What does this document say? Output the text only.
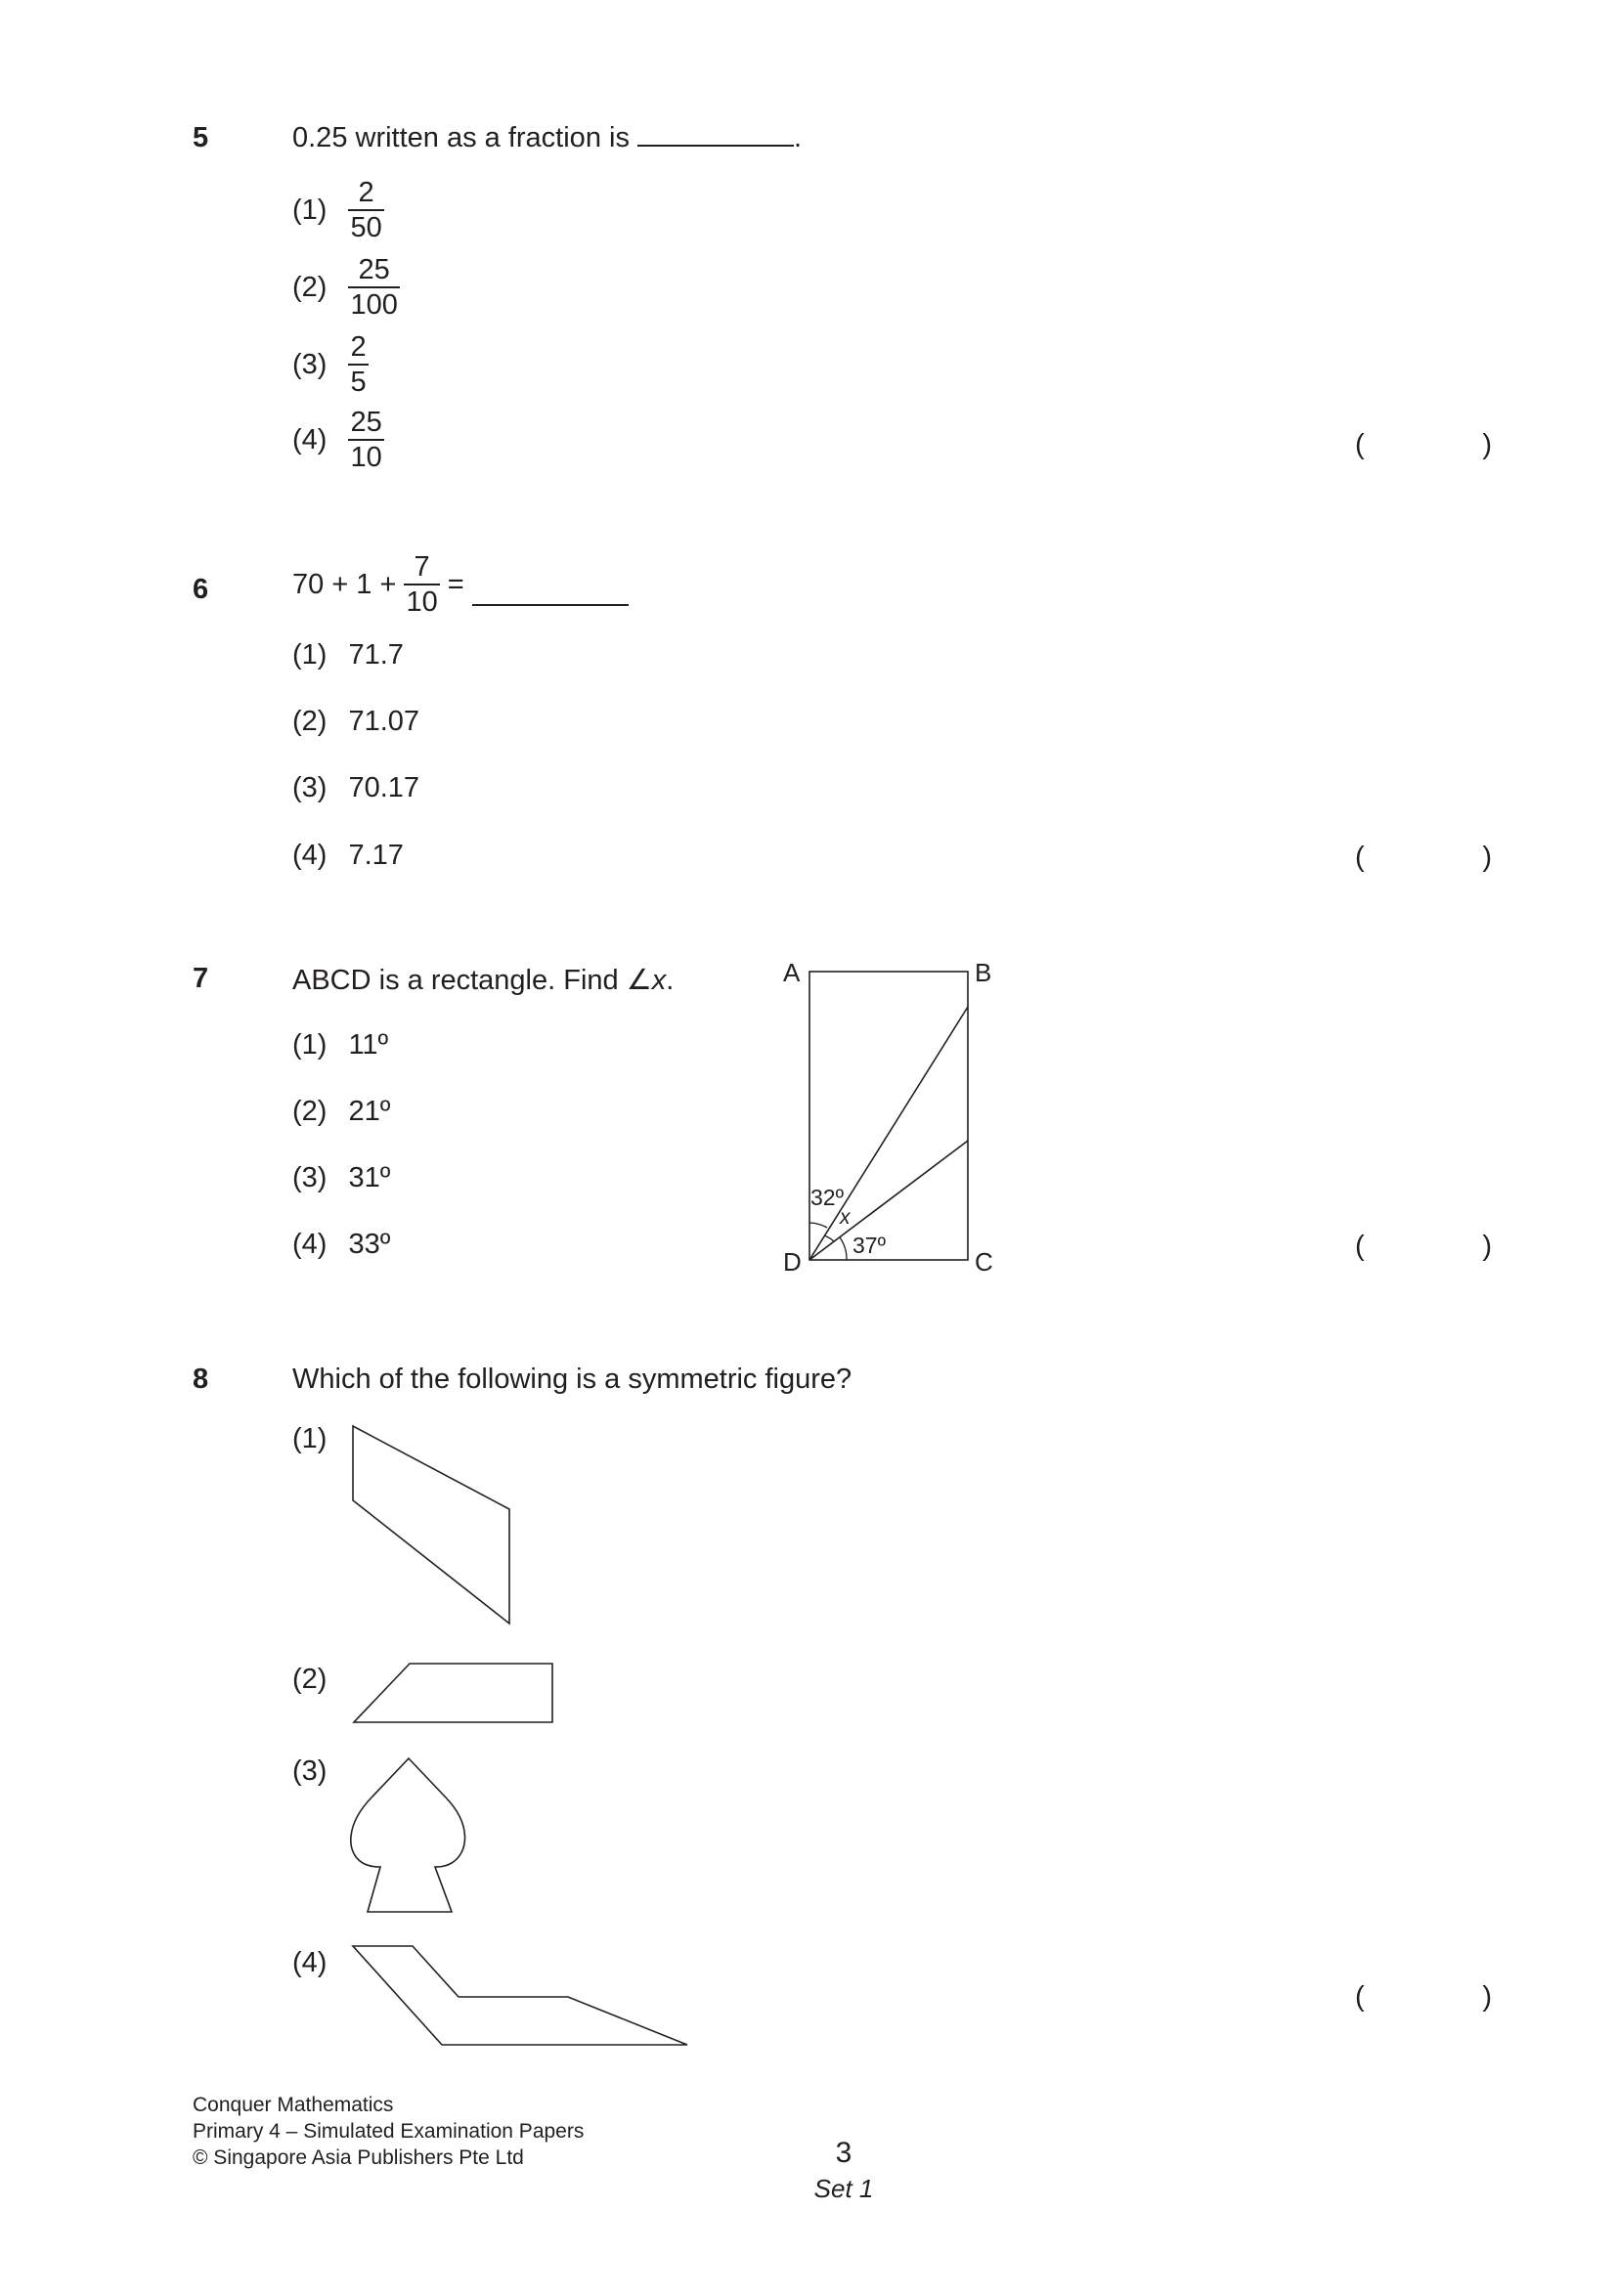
5	0.25 written as a fraction is	.
$(1) \frac{2}{50}$
$(2) \frac{25}{100}$
$(3) \frac{2}{5}$
$(4) \frac{25}{10}$	(	)
6	$70 + 1 + \frac{7}{10}$ =
(1) 71.7
(2) 71.07
(3) 70.17
(4) 7.17	(	)
7	ABCD is a rectangle. Find ∠x.
(1) 11º
(2) 21º
(3) 31º
(4) 33º	(	)
A	B
C
D
32º
x
37º
8	Which of the following is a symmetric figure?
(1)
(2)
(3)
(4)
(	)
Conquer Mathematics
Primary 4 – Simulated Examination Papers
© Singapore Asia Publishers Pte Ltd	3
Set 1
